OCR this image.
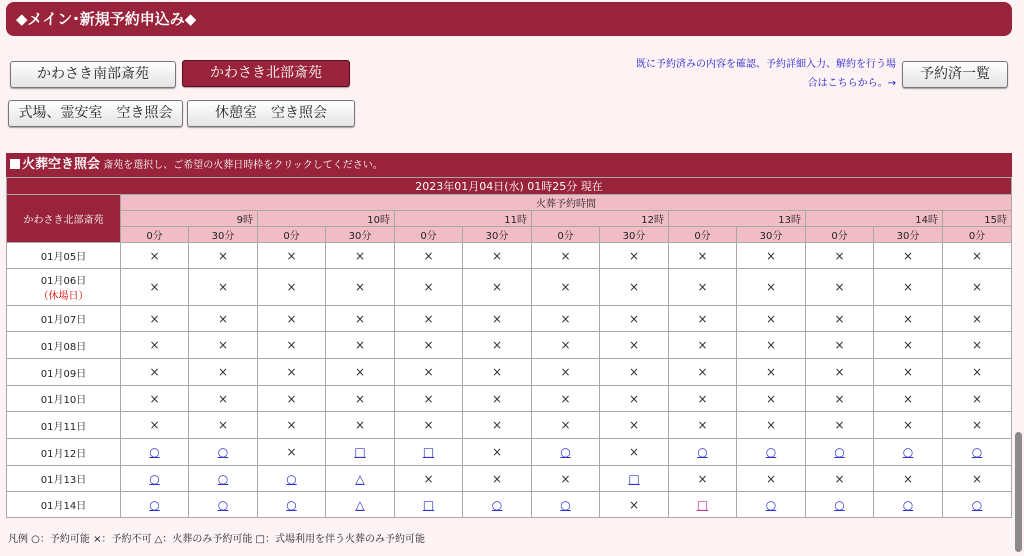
◆メイン･新規予約申込み◆
かわさき南部斎苑	かわさき北部斎苑
式場、霊安室　空き照会	休憩室　空き照会
既に予約済みの内容を確認、予約詳細入力、解約を行う場
合はこちらから。→
予約済一覧
火葬空き照会 斎苑を選択し、ご希望の火葬日時枠をクリックしてください。
2023年01月04日(水) 01時25分 現在													
かわさき北部斎苑	火葬予約時間												
	9時		10時		11時		12時		13時		14時		15時
	0分	30分	0分	30分	0分	30分	0分	30分	0分	30分	0分	30分	0分

01月05日	×	×	×	×	×	×	×	×	×	×	×	×	×

01月06日
（休場日）	×	×	×	×	×	×	×	×	×	×	×	×	×

01月07日	×	×	×	×	×	×	×	×	×	×	×	×	×

01月08日	×	×	×	×	×	×	×	×	×	×	×	×	×

01月09日	×	×	×	×	×	×	×	×	×	×	×	×	×

01月10日	×	×	×	×	×	×	×	×	×	×	×	×	×

01月11日	×	×	×	×	×	×	×	×	×	×	×	×	×

01月12日	○	○	×	□	□	×	○	×	○	○	○	○	○

01月13日	○	○	○	△	×	×	×	□	×	×	×	×	×

01月14日	○	○	○	△	□	○	○	×	□	○	○	○	○
凡例 ○：予約可能 ×：予約不可 △：火葬のみ予約可能 □：式場利用を伴う火葬のみ予約可能
